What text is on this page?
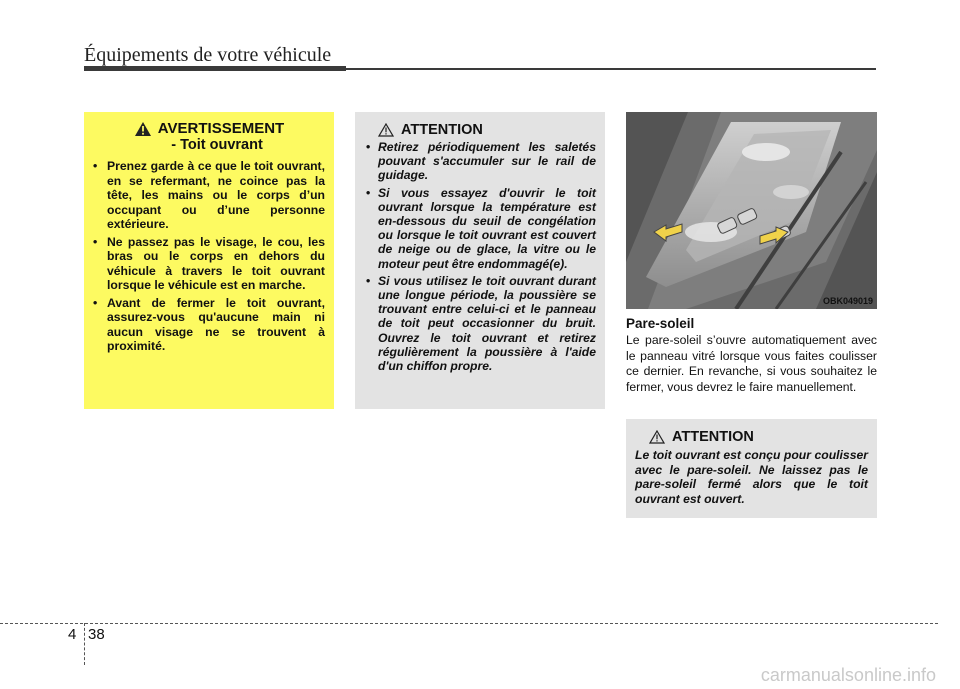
Équipements de votre véhicule
AVERTISSEMENT
- Toit ouvrant
• Prenez garde à ce que le toit ouvrant, en se refermant, ne coince pas la tête, les mains ou le corps d’un occupant ou d’une personne extérieure.
• Ne passez pas le visage, le cou, les bras ou le corps en dehors du véhicule à travers le toit ouvrant lorsque le véhicule est en marche.
• Avant de fermer le toit ouvrant, assurez-vous qu'aucune main ni aucun visage ne se trouvent à proximité.
ATTENTION
• Retirez périodiquement les saletés pouvant s'accumuler sur le rail de guidage.
• Si vous essayez d'ouvrir le toit ouvrant lorsque la température est en-dessous du seuil de congélation ou lorsque le toit ouvrant est couvert de neige ou de glace, la vitre ou le moteur peut être endommagé(e).
• Si vous utilisez le toit ouvrant durant une longue période, la poussière se trouvant entre celui-ci et le panneau de toit peut occasionner du bruit. Ouvrez le toit ouvrant et retirez régulièrement la poussière à l'aide d'un chiffon propre.
OBK049019
Pare-soleil
Le pare-soleil s’ouvre automatiquement avec le panneau vitré lorsque vous faites coulisser ce dernier. En revanche, si vous souhaitez le fermer, vous devrez le faire manuellement.
ATTENTION

Le toit ouvrant est conçu pour coulisser avec le pare-soleil. Ne laissez pas le pare-soleil fermé alors que le toit ouvrant est ouvert.

4 38
carmanualsonline.info
